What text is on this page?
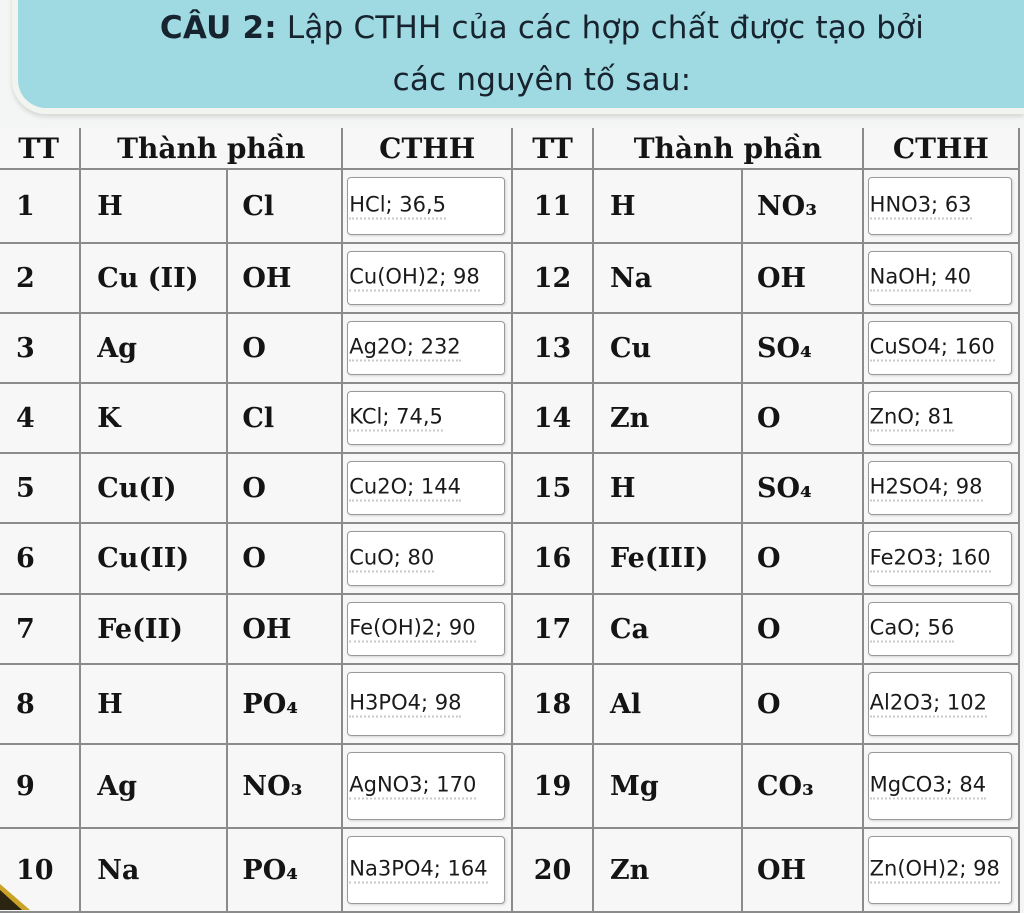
CÂU 2: Lập CTHH của các hợp chất được tạo bởi
các nguyên tố sau:
TT	Thành phần		CTHH	TT	Thành phần		CTHH
1	H	Cl	HCl; 36,5	11	H	NO₃	HNO3; 63

2	Cu (II)	OH	Cu(OH)2; 98	12	Na	OH	NaOH; 40

3	Ag	O	Ag2O; 232	13	Cu	SO₄	CuSO4; 160

4	K	Cl	KCl; 74,5	14	Zn	O	ZnO; 81

5	Cu(I)	O	Cu2O; 144	15	H	SO₄	H2SO4; 98

6	Cu(II)	O	CuO; 80	16	Fe(III)	O	Fe2O3; 160

7	Fe(II)	OH	Fe(OH)2; 90	17	Ca	O	CaO; 56

8	H	PO₄	H3PO4; 98	18	Al	O	Al2O3; 102

9	Ag	NO₃	AgNO3; 170	19	Mg	CO₃	MgCO3; 84

10	Na	PO₄	Na3PO4; 164	20	Zn	OH	Zn(OH)2; 98
